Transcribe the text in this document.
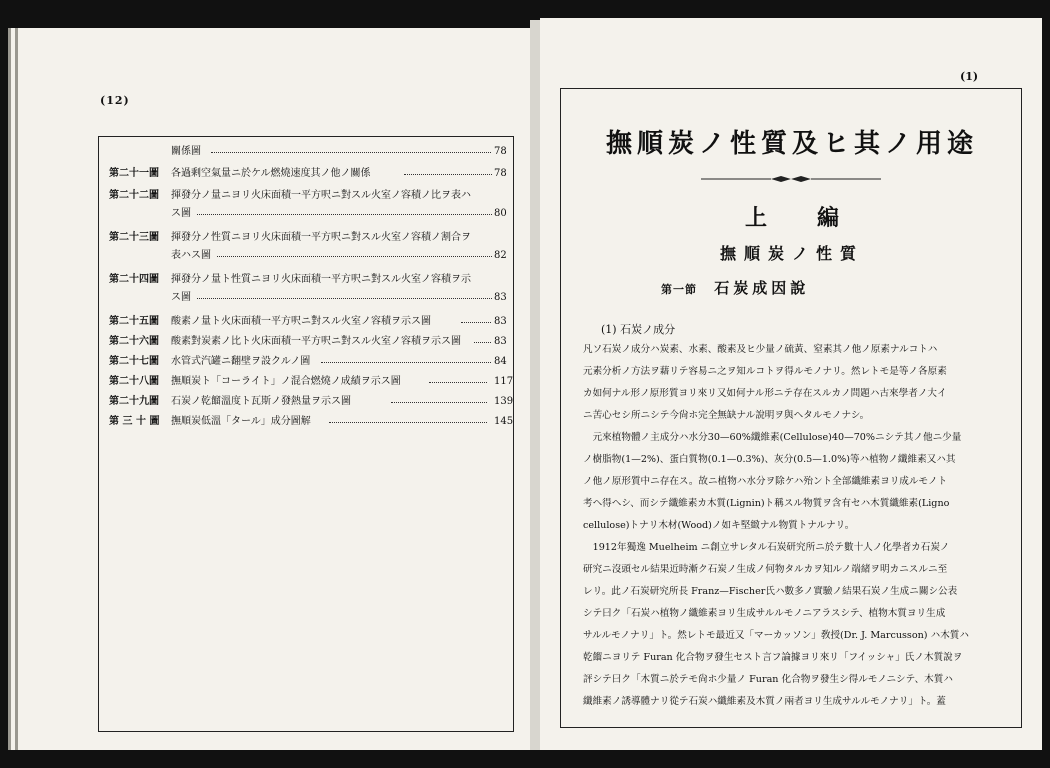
(12)
關係圖	78
第二十一圖 各過剩空氣量ニ於ケル燃燒速度其ノ他ノ關係	78
第二十二圖 揮發分ノ量ニヨリ火床面積一平方呎ニ對スル火室ノ容積ノ比ヲ表ハ
ス圖	80
第二十三圖 揮發分ノ性質ニヨリ火床面積一平方呎ニ對スル火室ノ容積ノ割合ヲ
表ハス圖	82
第二十四圖 揮發分ノ量ト性質ニヨリ火床面積一平方呎ニ對スル火室ノ容積ヲ示
ス圖	83
第二十五圖 酸素ノ量ト火床面積一平方呎ニ對スル火室ノ容積ヲ示ス圖	83
第二十六圖 酸素對炭素ノ比ト火床面積一平方呎ニ對スル火室ノ容積ヲ示ス圖	83
第二十七圖 水管式汽罐ニ翻壁ヲ設クルノ圖	84
第二十八圖 撫順炭ト「コーライト」ノ混合燃燒ノ成績ヲ示ス圖	117
第二十九圖 石炭ノ乾餾溫度ト瓦斯ノ發熱量ヲ示ス圖	139
第 三 十 圖 撫順炭低溫「タール」成分圖解	145
(1)
撫順炭ノ性質及ヒ其ノ用途
上編
撫順炭ノ性質
第一節 石炭成因說
(1) 石炭ノ成分
凡ソ石炭ノ成分ハ炭素、水素、酸素及ヒ少量ノ硫黃、窒素其ノ他ノ原素ナルコトハ
元素分析ノ方法ヲ藉リテ容易ニ之ヲ知ルコトヲ得ルモノナリ。然レトモ是等ノ各原素
カ如何ナル形ノ原形質ヨリ來リ又如何ナル形ニテ存在スルカノ問題ハ古來學者ノ大イ
ニ苦心セシ所ニシテ今尙ホ完全無缺ナル說明ヲ與ヘタルモノナシ。
　元來植物體ノ主成分ハ水分30—60%纖維素(Cellulose)40—70%ニシテ其ノ他ニ少量
ノ樹脂物(1—2%)、蛋白質物(0.1—0.3%)、灰分(0.5—1.0%)等ハ植物ノ纖維素又ハ其
ノ他ノ原形質中ニ存在ス。故ニ植物ハ水分ヲ除ケハ殆ント全部纖維素ヨリ成ルモノト
考ヘ得ヘシ、而シテ纖維素カ木質(Lignin)ト稱スル物質ヲ含有セハ木質纖維素(Ligno
cellulose)トナリ木材(Wood)ノ如キ堅緻ナル物質トナルナリ。
　1912年獨逸 Muelheim ニ創立サレタル石炭研究所ニ於テ數十人ノ化學者カ石炭ノ
研究ニ沒頭セル結果近時漸ク石炭ノ生成ノ何物タルカヲ知ルノ端緒ヲ明カニスルニ至
レリ。此ノ石炭研究所長 Franz—Fischer氏ハ數多ノ實驗ノ結果石炭ノ生成ニ關シ公表
シテ曰ク「石炭ハ植物ノ纖維素ヨリ生成サルルモノニアラスシテ、植物木質ヨリ生成
サルルモノナリ」ト。然レトモ最近又「マーカッソン」敎授(Dr. J. Marcusson) ハ木質ハ
乾餾ニヨリテ Furan 化合物ヲ發生セスト言フ論據ヨリ來リ「フイッシャ」氏ノ木質說ヲ
評シテ曰ク「木質ニ於テモ尙ホ少量ノ Furan 化合物ヲ發生シ得ルモノニシテ、木質ハ
纖維素ノ誘導體ナリ從テ石炭ハ纖維素及木質ノ兩者ヨリ生成サルルモノナリ」ト。蓋
